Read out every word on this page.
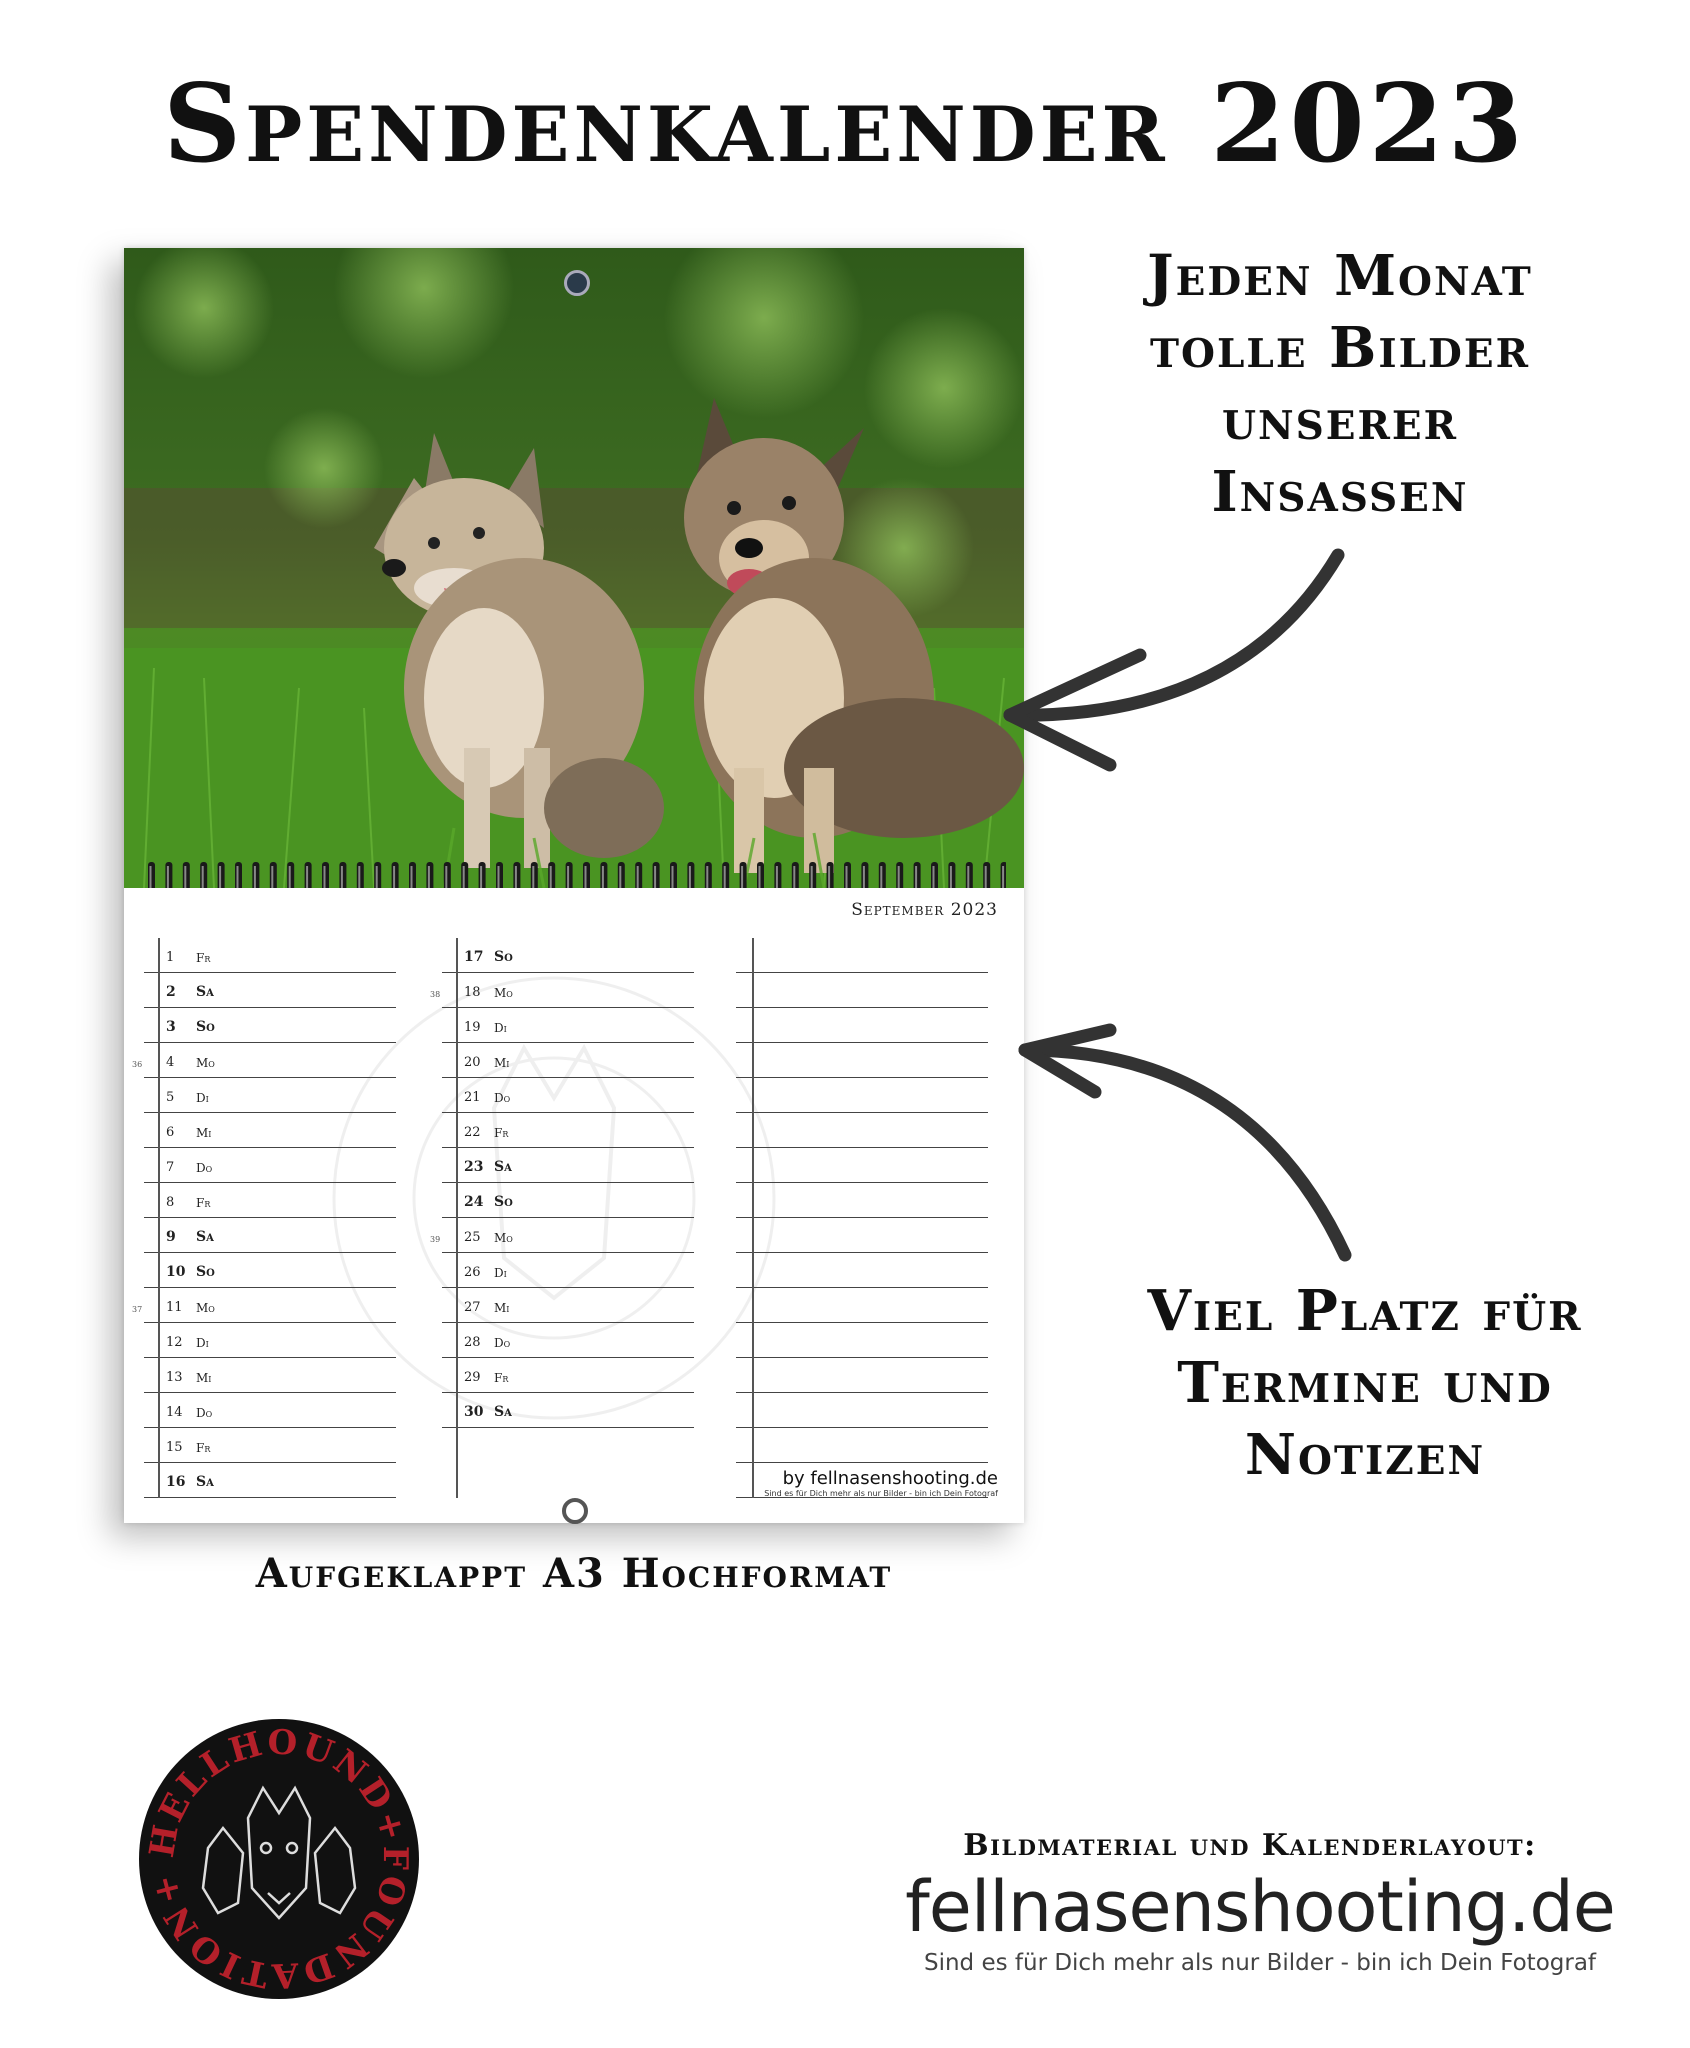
Spendenkalender 2023
September 2023
1 Fr
2 Sa
3 So
36 4 Mo
5 Di
6 Mi
7 Do
8 Fr
9 Sa
10 So
37 11 Mo
12 Di
13 Mi
14 Do
15 Fr
16 Sa
17 So
38 18 Mo
19 Di
20 Mi
21 Do
22 Fr
23 Sa
24 So
39 25 Mo
26 Di
27 Mi
28 Do
29 Fr
30 Sa
by fellnasenshooting.de
Sind es für Dich mehr als nur Bilder - bin ich Dein Fotograf
Jeden Monat
tolle Bilder
unserer
Insassen
Viel Platz für
Termine und
Notizen
Aufgeklappt A3 Hochformat
HELLHOUND+FOUNDATION+
Bildmaterial und Kalenderlayout:
fellnasenshooting.de
Sind es für Dich mehr als nur Bilder - bin ich Dein Fotograf
